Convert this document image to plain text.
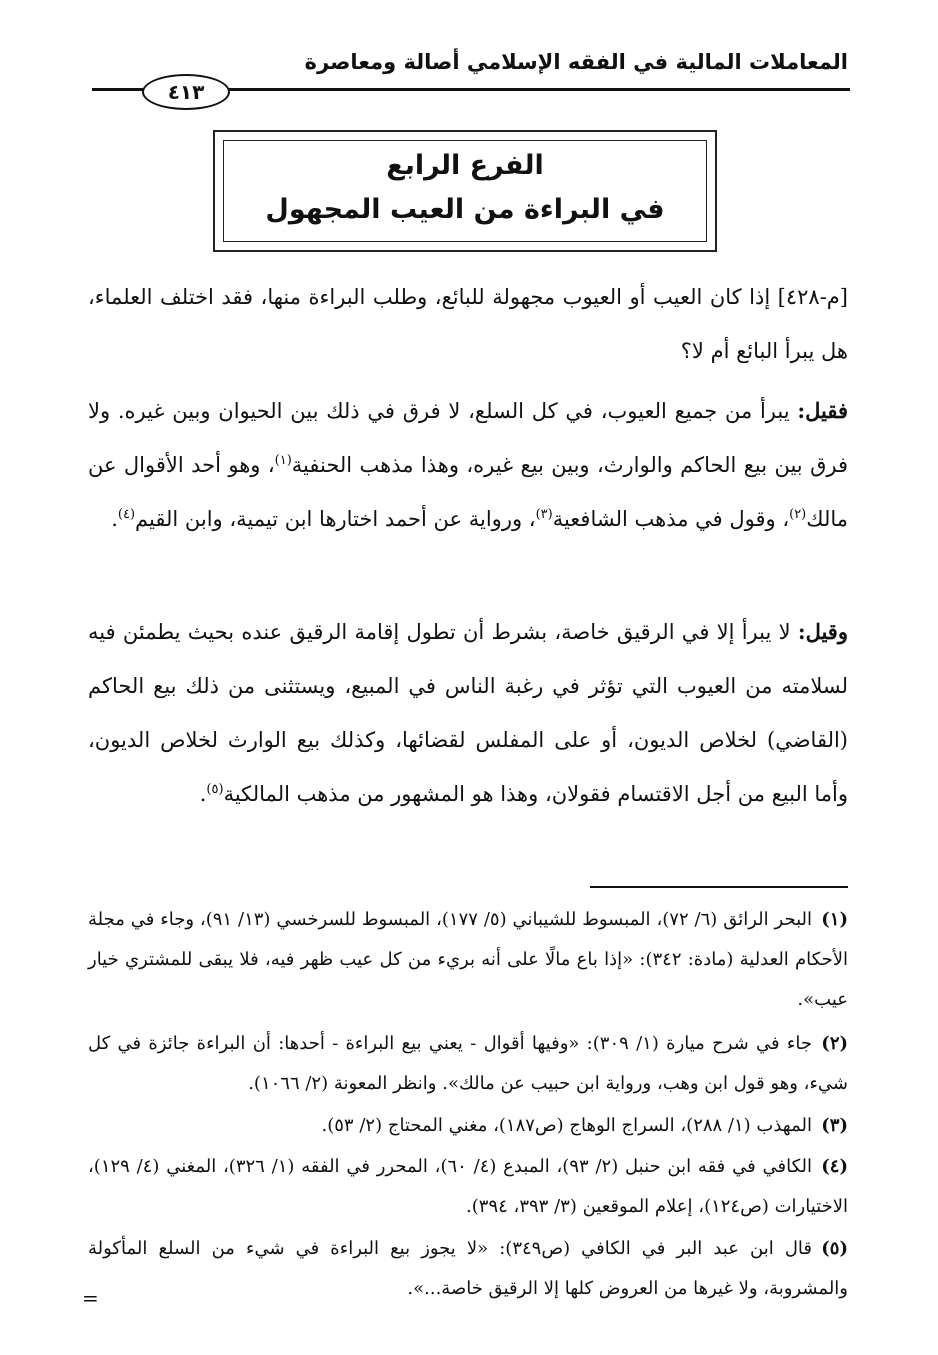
المعاملات المالية في الفقه الإسلامي أصالة ومعاصرة
٤١٣
الفرع الرابع
في البراءة من العيب المجهول
[م-٤٢٨] إذا كان العيب أو العيوب مجهولة للبائع، وطلب البراءة منها، فقد اختلف العلماء، هل يبرأ البائع أم لا؟
فقيل: يبرأ من جميع العيوب، في كل السلع، لا فرق في ذلك بين الحيوان وبين غيره. ولا فرق بين بيع الحاكم والوارث، وبين بيع غيره، وهذا مذهب الحنفية$^{(١)}$، وهو أحد الأقوال عن مالك$^{(٢)}$، وقول في مذهب الشافعية$^{(٣)}$، ورواية عن أحمد اختارها ابن تيمية، وابن القيم$^{(٤)}$.
وقيل: لا يبرأ إلا في الرقيق خاصة، بشرط أن تطول إقامة الرقيق عنده بحيث يطمئن فيه لسلامته من العيوب التي تؤثر في رغبة الناس في المبيع، ويستثنى من ذلك بيع الحاكم (القاضي) لخلاص الديون، أو على المفلس لقضائها، وكذلك بيع الوارث لخلاص الديون، وأما البيع من أجل الاقتسام فقولان، وهذا هو المشهور من مذهب المالكية$^{(٥)}$.
(١)البحر الرائق (٦/ ٧٢)، المبسوط للشيباني (٥/ ١٧٧)، المبسوط للسرخسي (١٣/ ٩١)، وجاء في مجلة الأحكام العدلية (مادة: ٣٤٢): «إذا باع مالًا على أنه بريء من كل عيب ظهر فيه، فلا يبقى للمشتري خيار عيب».
(٢)جاء في شرح ميارة (١/ ٣٠٩): «وفيها أقوال - يعني بيع البراءة - أحدها: أن البراءة جائزة في كل شيء، وهو قول ابن وهب، ورواية ابن حبيب عن مالك». وانظر المعونة (٢/ ١٠٦٦).
(٣)المهذب (١/ ٢٨٨)، السراج الوهاج (ص١٨٧)، مغني المحتاج (٢/ ٥٣).
(٤)الكافي في فقه ابن حنبل (٢/ ٩٣)، المبدع (٤/ ٦٠)، المحرر في الفقه (١/ ٣٢٦)، المغني (٤/ ١٢٩)، الاختيارات (ص١٢٤)، إعلام الموقعين (٣/ ٣٩٣، ٣٩٤).
(٥)قال ابن عبد البر في الكافي (ص٣٤٩): «لا يجوز بيع البراءة في شيء من السلع المأكولة والمشروبة، ولا غيرها من العروض كلها إلا الرقيق خاصة...».
=
